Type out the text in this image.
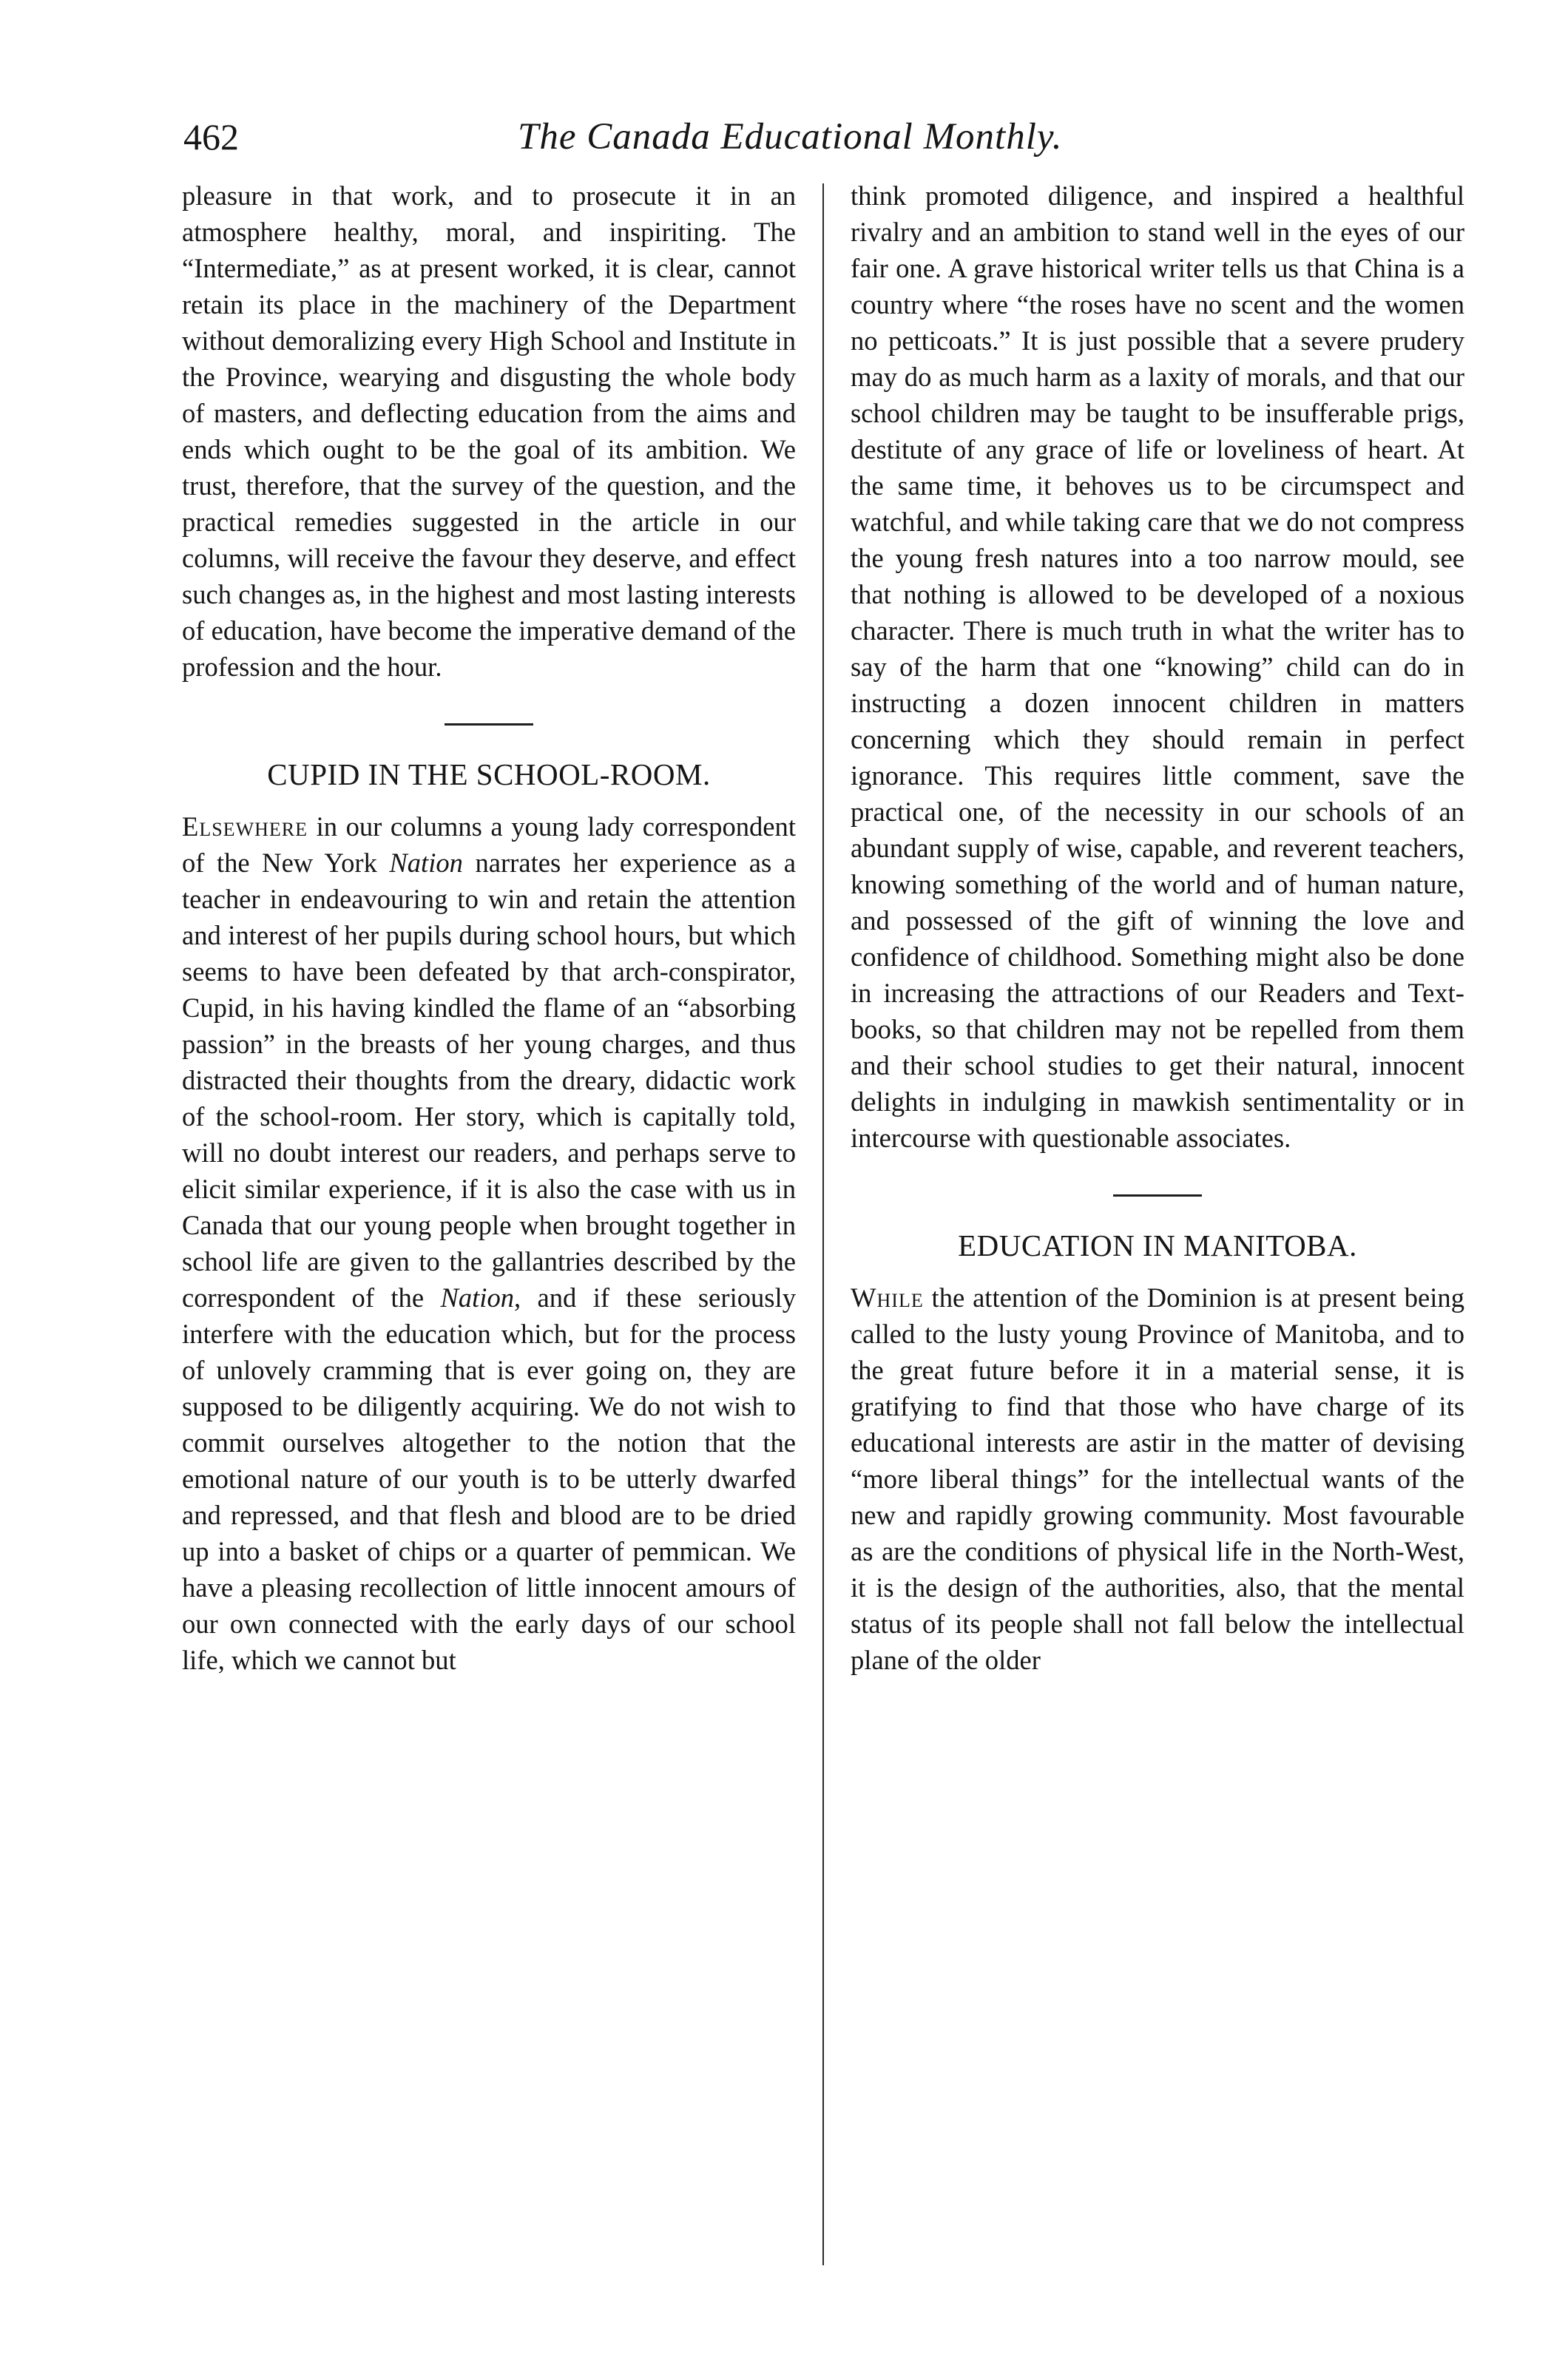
462	The Canada Educational Monthly.

pleasure in that work, and to prosecute it in an atmosphere healthy, moral, and inspiriting. The “Intermediate,” as at present worked, it is clear, cannot retain its place in the machinery of the Department without demoralizing every High School and Institute in the Province, wearying and disgusting the whole body of masters, and deflecting education from the aims and ends which ought to be the goal of its ambition. We trust, therefore, that the survey of the question, and the practical remedies suggested in the article in our columns, will receive the favour they deserve, and effect such changes as, in the highest and most lasting interests of education, have become the imperative demand of the profession and the hour.

CUPID IN THE SCHOOL-ROOM.

Elsewhere in our columns a young lady correspondent of the New York Nation narrates her experience as a teacher in endeavouring to win and retain the attention and interest of her pupils during school hours, but which seems to have been defeated by that arch-conspirator, Cupid, in his having kindled the flame of an “absorbing passion” in the breasts of her young charges, and thus distracted their thoughts from the dreary, didactic work of the school-room. Her story, which is capitally told, will no doubt interest our readers, and perhaps serve to elicit similar experience, if it is also the case with us in Canada that our young people when brought together in school life are given to the gallantries described by the correspondent of the Nation, and if these seriously interfere with the education which, but for the process of unlovely cramming that is ever going on, they are supposed to be diligently acquiring. We do not wish to commit ourselves altogether to the notion that the emotional nature of our youth is to be utterly dwarfed and repressed, and that flesh and blood are to be dried up into a basket of chips or a quarter of pemmican. We have a pleasing recollection of little innocent amours of our own connected with the early days of our school life, which we cannot but

think promoted diligence, and inspired a healthful rivalry and an ambition to stand well in the eyes of our fair one. A grave historical writer tells us that China is a country where “the roses have no scent and the women no petticoats.” It is just possible that a severe prudery may do as much harm as a laxity of morals, and that our school children may be taught to be insufferable prigs, destitute of any grace of life or loveliness of heart. At the same time, it behoves us to be circumspect and watchful, and while taking care that we do not compress the young fresh natures into a too narrow mould, see that nothing is allowed to be developed of a noxious character. There is much truth in what the writer has to say of the harm that one “knowing” child can do in instructing a dozen innocent children in matters concerning which they should remain in perfect ignorance. This requires little comment, save the practical one, of the necessity in our schools of an abundant supply of wise, capable, and reverent teachers, knowing something of the world and of human nature, and possessed of the gift of winning the love and confidence of childhood. Something might also be done in increasing the attractions of our Readers and Text-books, so that children may not be repelled from them and their school studies to get their natural, innocent delights in indulging in mawkish sentimentality or in intercourse with questionable associates.

EDUCATION IN MANITOBA.

While the attention of the Dominion is at present being called to the lusty young Province of Manitoba, and to the great future before it in a material sense, it is gratifying to find that those who have charge of its educational interests are astir in the matter of devising “more liberal things” for the intellectual wants of the new and rapidly growing community. Most favourable as are the conditions of physical life in the North-West, it is the design of the authorities, also, that the mental status of its people shall not fall below the intellectual plane of the older
